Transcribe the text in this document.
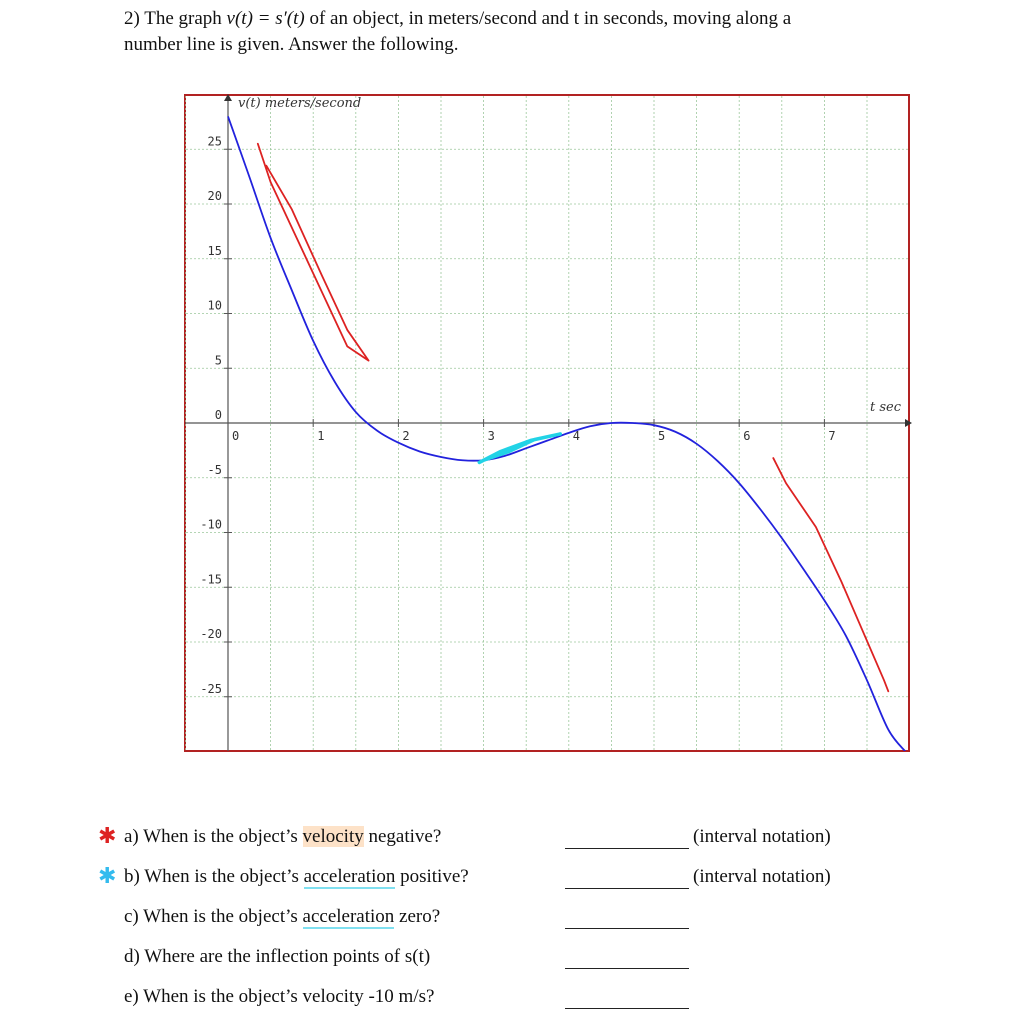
2) The graph v(t) = s′(t) of an object, in meters/second and t in seconds, moving along a
number line is given. Answer the following.
25
20
15
10
5
0
-5
-10
-15
-20
-25
0	1	2	3	4	5	6	7
v(t) meters/second
t sec
a) When is the object’s velocity negative?	(interval notation)
✱
b) When is the object’s acceleration positive?	(interval notation)
✱
c) When is the object’s acceleration zero?
d) Where are the inflection points of s(t)
e) When is the object’s velocity -10 m/s?
